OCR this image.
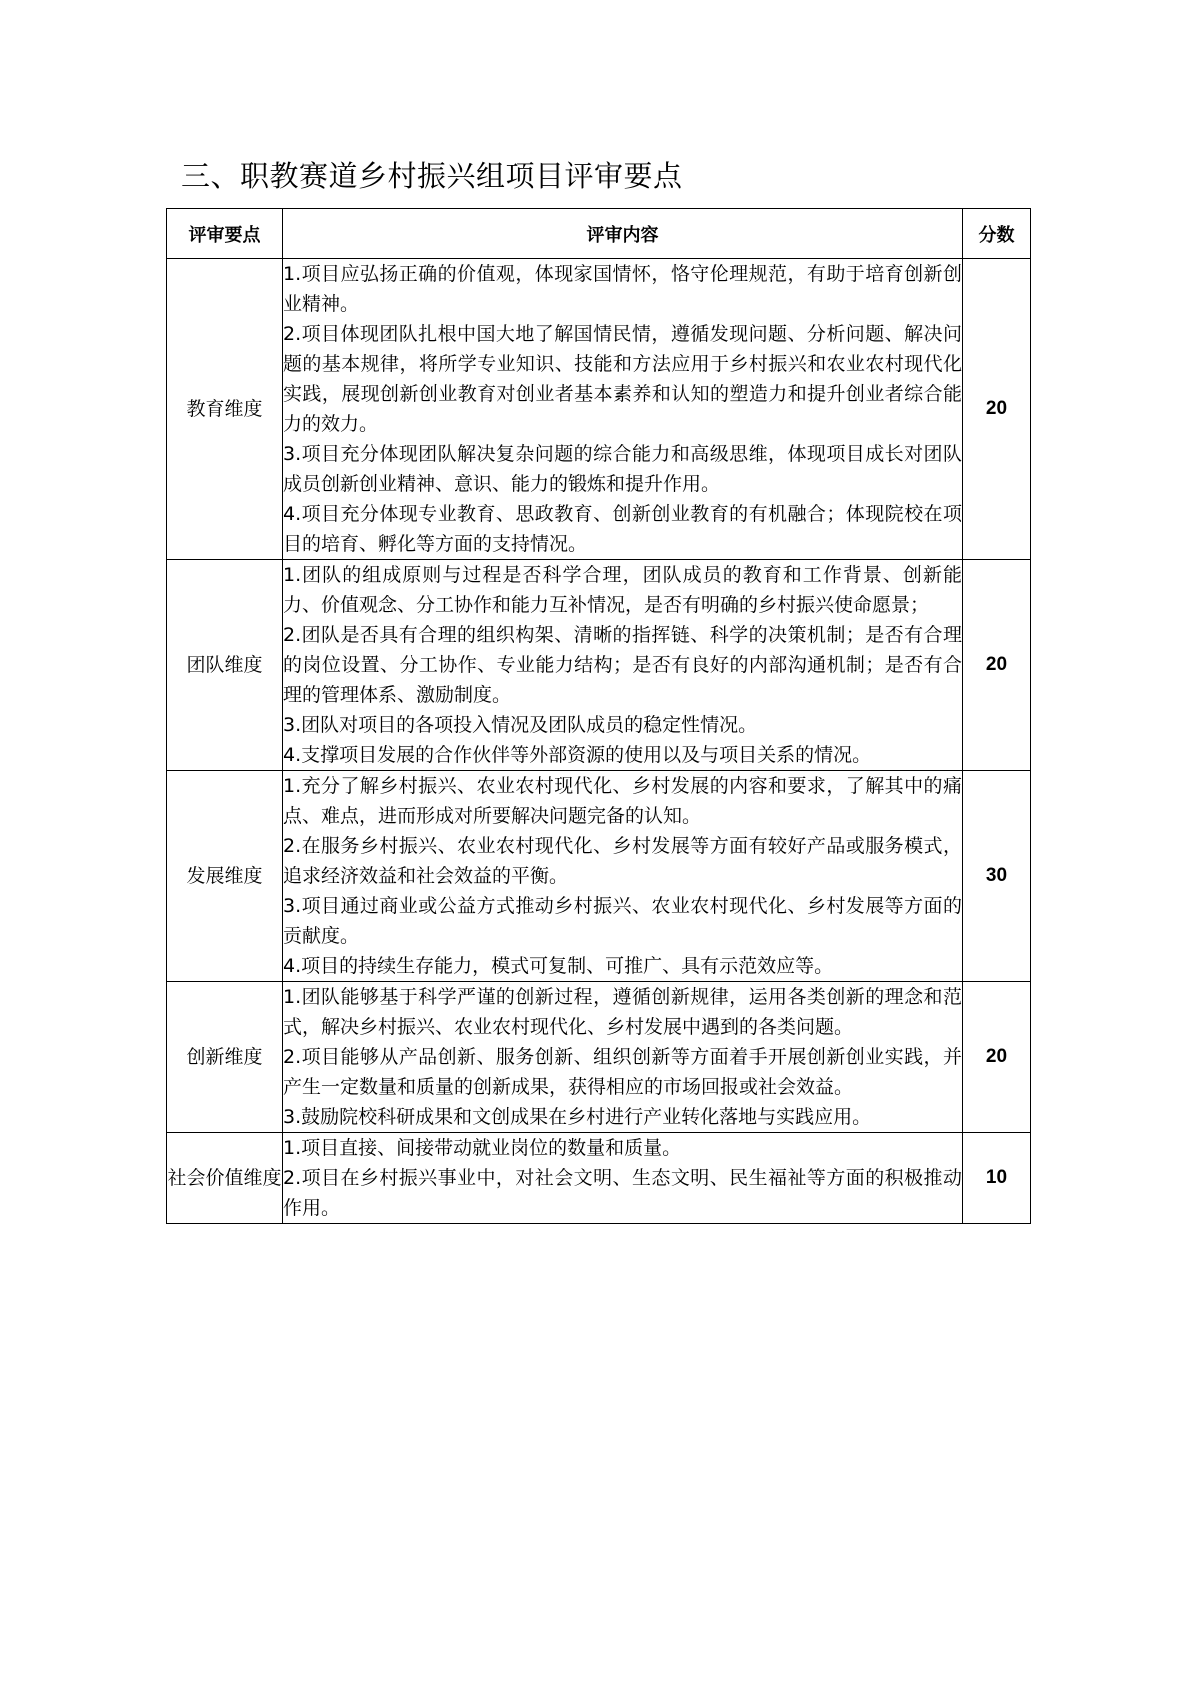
三、职教赛道乡村振兴组项目评审要点
评审要点	评审内容	分数
教育维度	1.项目应弘扬正确的价值观，体现家国情怀，恪守伦理规范，有助于培育创新创业精神。

2.项目体现团队扎根中国大地了解国情民情，遵循发现问题、分析问题、解决问题的基本规律，将所学专业知识、技能和方法应用于乡村振兴和农业农村现代化实践，展现创新创业教育对创业者基本素养和认知的塑造力和提升创业者综合能力的效力。

3.项目充分体现团队解决复杂问题的综合能力和高级思维，体现项目成长对团队成员创新创业精神、意识、能力的锻炼和提升作用。

4.项目充分体现专业教育、思政教育、创新创业教育的有机融合；体现院校在项目的培育、孵化等方面的支持情况。	20
团队维度	1.团队的组成原则与过程是否科学合理，团队成员的教育和工作背景、创新能力、价值观念、分工协作和能力互补情况，是否有明确的乡村振兴使命愿景；

2.团队是否具有合理的组织构架、清晰的指挥链、科学的决策机制；是否有合理的岗位设置、分工协作、专业能力结构；是否有良好的内部沟通机制；是否有合理的管理体系、激励制度。

3.团队对项目的各项投入情况及团队成员的稳定性情况。

4.支撑项目发展的合作伙伴等外部资源的使用以及与项目关系的情况。	20
发展维度	1.充分了解乡村振兴、农业农村现代化、乡村发展的内容和要求，了解其中的痛点、难点，进而形成对所要解决问题完备的认知。

2.在服务乡村振兴、农业农村现代化、乡村发展等方面有较好产品或服务模式，追求经济效益和社会效益的平衡。

3.项目通过商业或公益方式推动乡村振兴、农业农村现代化、乡村发展等方面的贡献度。

4.项目的持续生存能力，模式可复制、可推广、具有示范效应等。	30
创新维度	1.团队能够基于科学严谨的创新过程，遵循创新规律，运用各类创新的理念和范式，解决乡村振兴、农业农村现代化、乡村发展中遇到的各类问题。

2.项目能够从产品创新、服务创新、组织创新等方面着手开展创新创业实践，并产生一定数量和质量的创新成果，获得相应的市场回报或社会效益。

3.鼓励院校科研成果和文创成果在乡村进行产业转化落地与实践应用。	20
社会价值维度	1.项目直接、间接带动就业岗位的数量和质量。

2.项目在乡村振兴事业中，对社会文明、生态文明、民生福祉等方面的积极推动作用。	10
